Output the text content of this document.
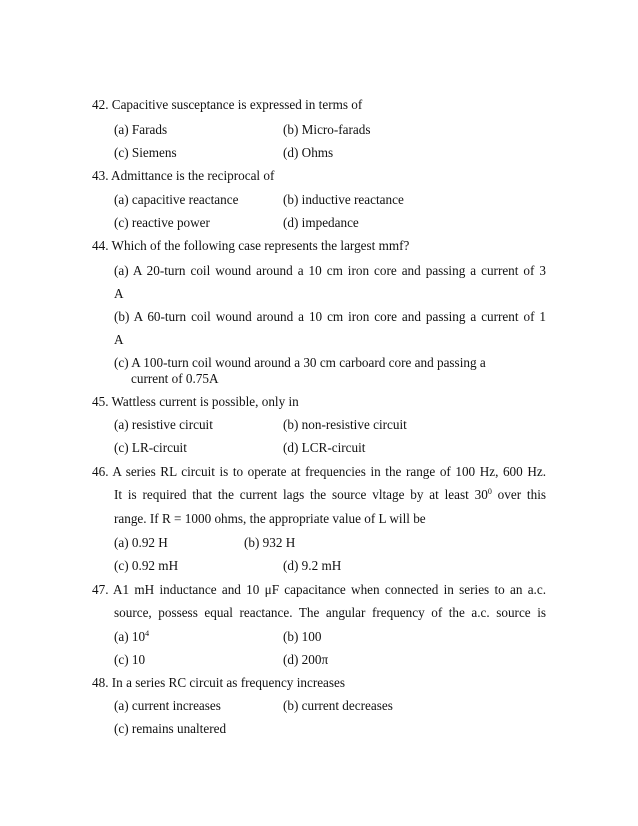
42. Capacitive susceptance is expressed in terms of
(a) Farads	(b) Micro-farads
(c) Siemens	(d) Ohms
43. Admittance is the reciprocal of
(a) capacitive reactance	(b) inductive reactance
(c) reactive power	(d) impedance
44. Which of the following case represents the largest mmf?
(a) A 20-turn coil wound around a 10 cm iron core and passing a current of 3
A
(b) A 60-turn coil wound around a 10 cm iron core and passing a current of 1
A
(c) A 100-turn coil wound around a 30 cm carboard core and passing a
current of 0.75A
45. Wattless current is possible, only in
(a) resistive circuit	(b) non-resistive circuit
(c) LR-circuit	(d) LCR-circuit
46. A series RL circuit is to operate at frequencies in the range of 100 Hz, 600 Hz.
It is required that the current lags the source vltage by at least $30^0$ over this
range. If R = 1000 ohms, the appropriate value of L will be
(a) 0.92 H	(b) 932 H
(c) 0.92 mH	(d) 9.2 mH
47. A1 mH inductance and 10 μF capacitance when connected in series to an a.c.
source, possess equal reactance. The angular frequency of the a.c. source is
(a) $10^4$	(b) 100
(c) 10	(d) 200π
48. In a series RC circuit as frequency increases
(a) current increases	(b) current decreases
(c) remains unaltered
